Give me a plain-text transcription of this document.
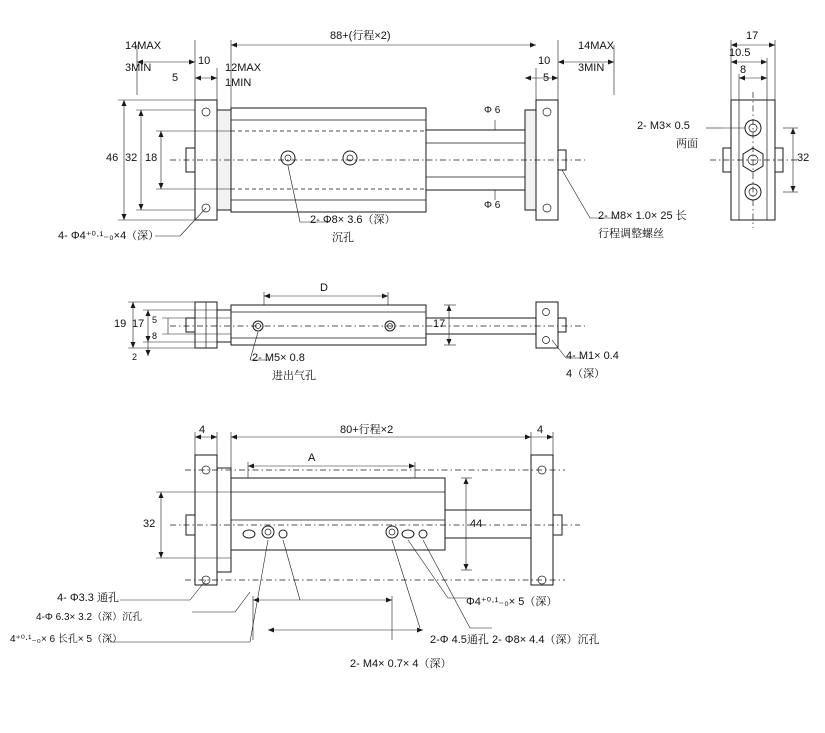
14MAX
3MIN
10
5
12MAX
1MIN
88+(行程×2)
14MAX
3MIN
10
5
46 32 18
Φ 6
Φ 6
4- Φ4⁺⁰·¹₋₀×4（深）
2- Φ8× 3.6（深）
沉孔
2- M8× 1.0× 25 长
行程调整螺丝
17
10.5
8
32
2- M3× 0.5
两面
D
19 17
8
5
2
17
2- M5× 0.8
进出气孔
4- M1× 0.4
4（深）
4	4
80+行程×2
A
32	44
4- Φ3.3 通孔
4-Φ 6.3× 3.2（深）沉孔
4⁺⁰·¹₋₀× 6 长孔× 5（深）
Φ4⁺⁰·¹₋₀× 5（深）
2-Φ 4.5通孔 2- Φ8× 4.4（深）沉孔
2- M4× 0.7× 4（深）
